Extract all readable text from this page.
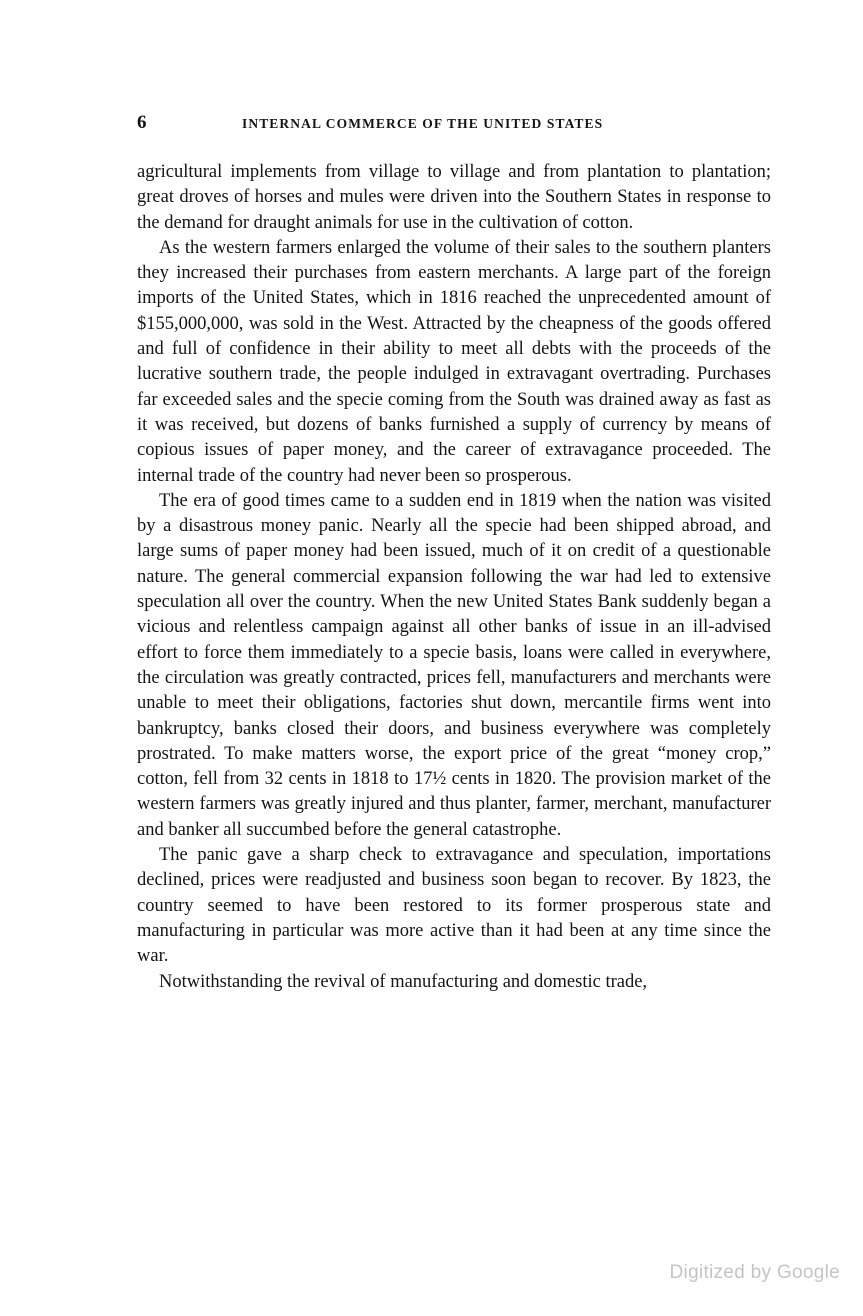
6	INTERNAL COMMERCE OF THE UNITED STATES

agricultural implements from village to village and from plantation to plantation; great droves of horses and mules were driven into the Southern States in response to the demand for draught animals for use in the cultivation of cotton.

As the western farmers enlarged the volume of their sales to the southern planters they increased their purchases from eastern merchants. A large part of the foreign imports of the United States, which in 1816 reached the unprecedented amount of $155,000,000, was sold in the West. Attracted by the cheapness of the goods offered and full of confidence in their ability to meet all debts with the proceeds of the lucrative southern trade, the people indulged in extravagant overtrading. Purchases far exceeded sales and the specie coming from the South was drained away as fast as it was received, but dozens of banks furnished a supply of currency by means of copious issues of paper money, and the career of extravagance proceeded. The internal trade of the country had never been so prosperous.

The era of good times came to a sudden end in 1819 when the nation was visited by a disastrous money panic. Nearly all the specie had been shipped abroad, and large sums of paper money had been issued, much of it on credit of a questionable nature. The general commercial expansion following the war had led to extensive speculation all over the country. When the new United States Bank suddenly began a vicious and relentless campaign against all other banks of issue in an ill-advised effort to force them immediately to a specie basis, loans were called in everywhere, the circulation was greatly contracted, prices fell, manufacturers and merchants were unable to meet their obligations, factories shut down, mercantile firms went into bankruptcy, banks closed their doors, and business everywhere was completely prostrated. To make matters worse, the export price of the great “money crop,” cotton, fell from 32 cents in 1818 to 17½ cents in 1820. The provision market of the western farmers was greatly injured and thus planter, farmer, merchant, manufacturer and banker all succumbed before the general catastrophe.

The panic gave a sharp check to extravagance and speculation, importations declined, prices were readjusted and business soon began to recover. By 1823, the country seemed to have been restored to its former prosperous state and manufacturing in particular was more active than it had been at any time since the war.

Notwithstanding the revival of manufacturing and domestic trade,

Digitized by Google
